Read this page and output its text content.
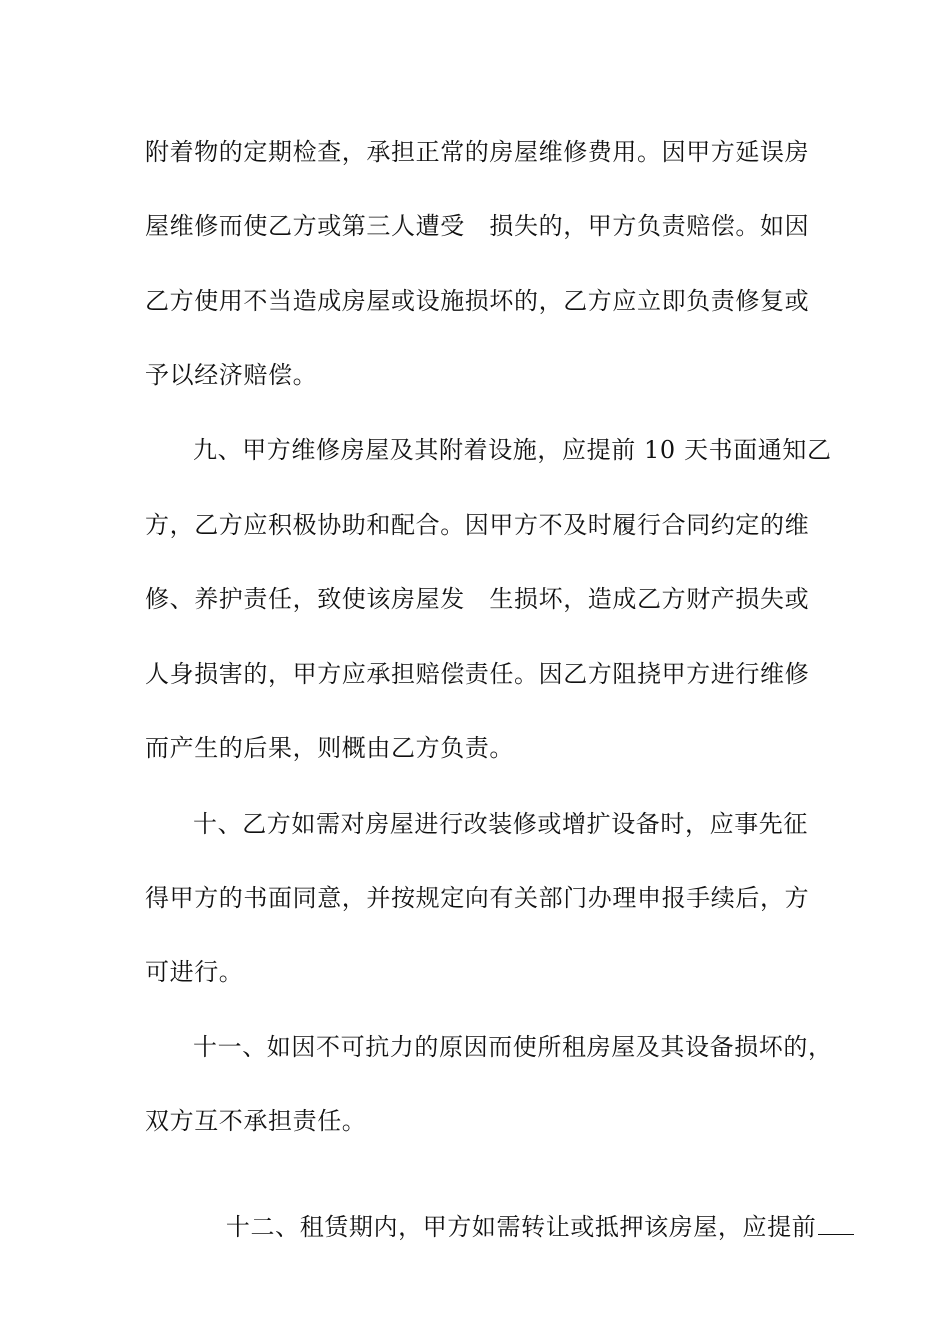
附着物的定期检查，承担正常的房屋维修费用。因甲方延误房
屋维修而使乙方或第三人遭受　损失的，甲方负责赔偿。如因
乙方使用不当造成房屋或设施损坏的，乙方应立即负责修复或
予以经济赔偿。
九、甲方维修房屋及其附着设施，应提前 10 天书面通知乙
方，乙方应积极协助和配合。因甲方不及时履行合同约定的维
修、养护责任，致使该房屋发　生损坏，造成乙方财产损失或
人身损害的，甲方应承担赔偿责任。因乙方阻挠甲方进行维修
而产生的后果，则概由乙方负责。
十、乙方如需对房屋进行改装修或增扩设备时，应事先征
得甲方的书面同意，并按规定向有关部门办理申报手续后，方
可进行。
十一、如因不可抗力的原因而使所租房屋及其设备损坏的，
双方互不承担责任。

十二、租赁期内，甲方如需转让或抵押该房屋，应提前
